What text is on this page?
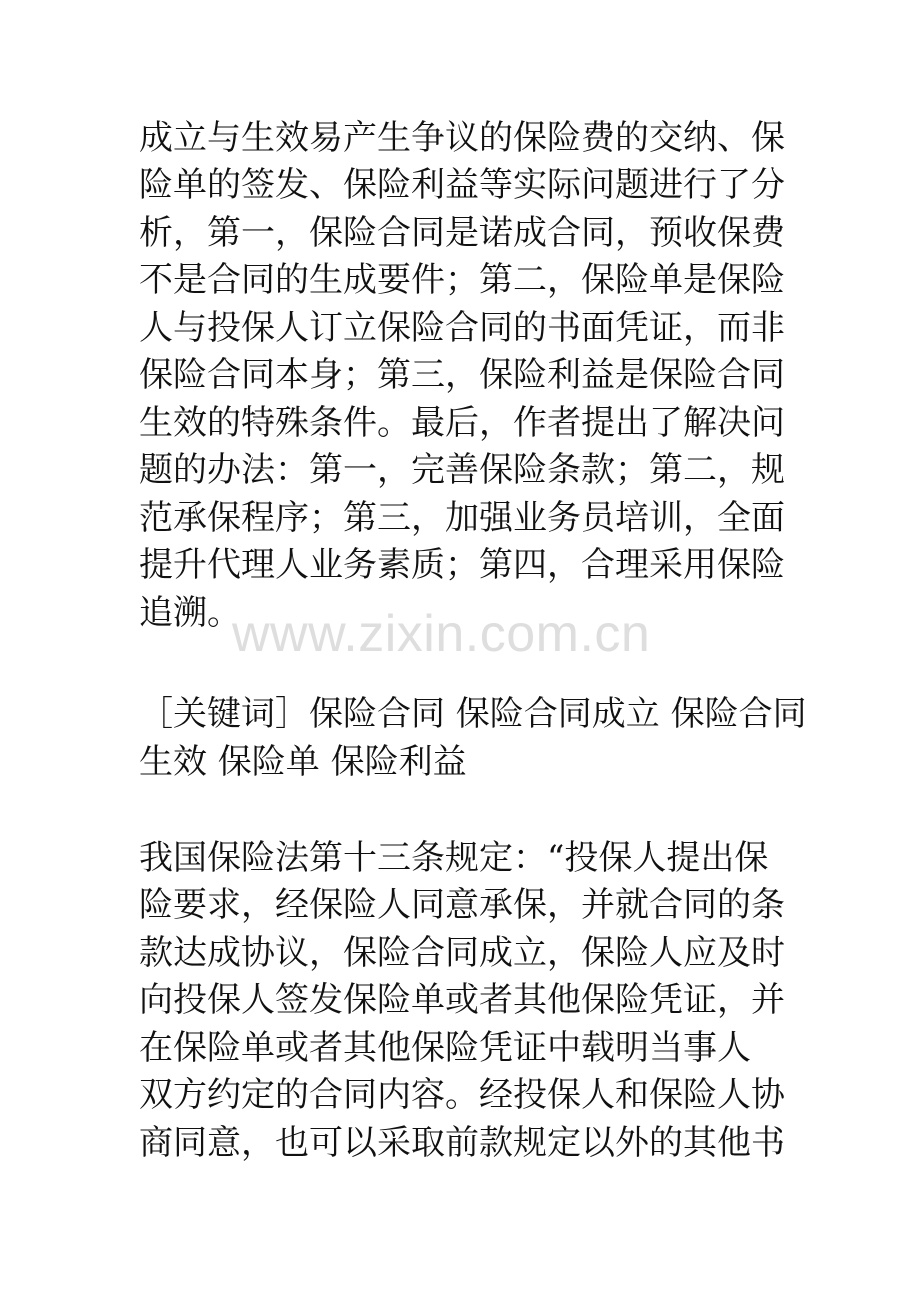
成立与生效易产生争议的保险费的交纳、保
险单的签发、保险利益等实际问题进行了分
析，第一，保险合同是诺成合同，预收保费
不是合同的生成要件；第二，保险单是保险
人与投保人订立保险合同的书面凭证，而非
保险合同本身；第三，保险利益是保险合同
生效的特殊条件。最后，作者提出了解决问
题的办法：第一，完善保险条款；第二，规
范承保程序；第三，加强业务员培训，全面
提升代理人业务素质；第四，合理采用保险
追溯。
www.zixin.com.cn
［关键词］保险合同 保险合同成立 保险合同
生效 保险单 保险利益
我国保险法第十三条规定：“投保人提出保
险要求，经保险人同意承保，并就合同的条
款达成协议，保险合同成立，保险人应及时
向投保人签发保险单或者其他保险凭证，并
在保险单或者其他保险凭证中载明当事人
双方约定的合同内容。经投保人和保险人协
商同意，也可以采取前款规定以外的其他书
